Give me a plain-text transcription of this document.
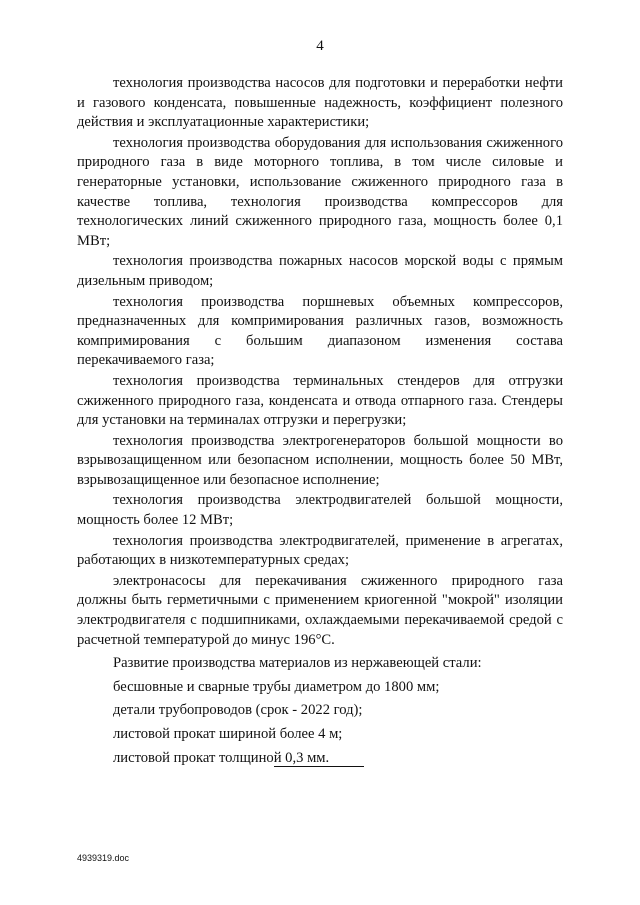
4

технология производства насосов для подготовки и переработки нефти и газового конденсата, повышенные надежность, коэффициент полезного действия и эксплуатационные характеристики;

технология производства оборудования для использования сжиженного природного газа в виде моторного топлива, в том числе силовые и генераторные установки, использование сжиженного природного газа в качестве топлива, технология производства компрессоров для технологических линий сжиженного природного газа, мощность более 0,1 МВт;

технология производства пожарных насосов морской воды с прямым дизельным приводом;

технология производства поршневых объемных компрессоров, предназначенных для компримирования различных газов, возможность компримирования с большим диапазоном изменения состава перекачиваемого газа;

технология производства терминальных стендеров для отгрузки сжиженного природного газа, конденсата и отвода отпарного газа. Стендеры для установки на терминалах отгрузки и перегрузки;

технология производства электрогенераторов большой мощности во взрывозащищенном или безопасном исполнении, мощность более 50 МВт, взрывозащищенное или безопасное исполнение;

технология производства электродвигателей большой мощности, мощность более 12 МВт;

технология производства электродвигателей, применение в агрегатах, работающих в низкотемпературных средах;

электронасосы для перекачивания сжиженного природного газа должны быть герметичными с применением криогенной "мокрой" изоляции электродвигателя с подшипниками, охлаждаемыми перекачиваемой средой с расчетной температурой до минус 196°С.

Развитие производства материалов из нержавеющей стали:

бесшовные и сварные трубы диаметром до 1800 мм;

детали трубопроводов (срок - 2022 год);

листовой прокат шириной более 4 м;

листовой прокат толщиной 0,3 мм.

4939319.doc
